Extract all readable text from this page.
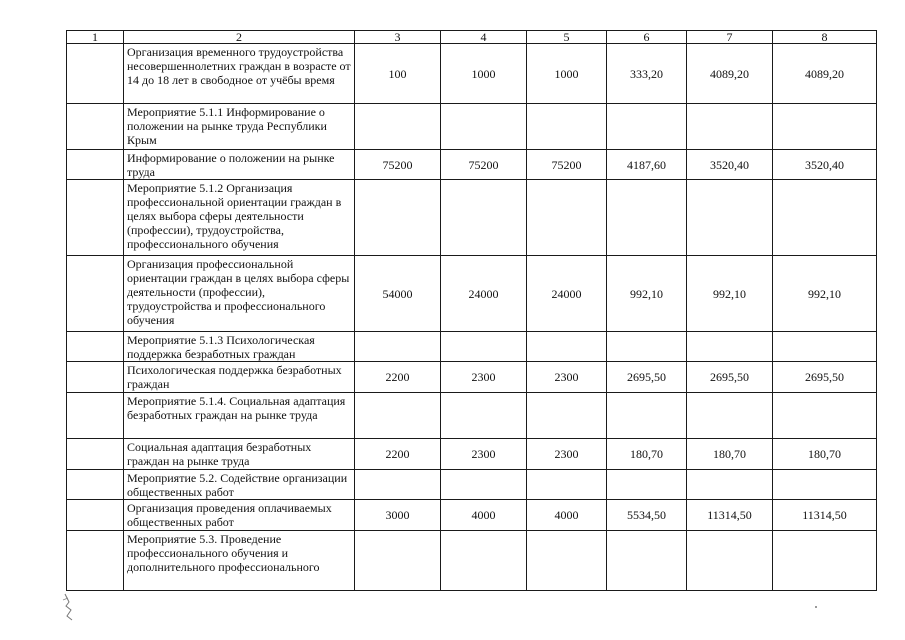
1	2	3	4	5	6	7	8
	Организация временного трудоустройства несовершеннолетних граждан в возрасте от 14 до 18 лет в свободное от учёбы время	100	1000	1000	333,20	4089,20	4089,20
	Мероприятие 5.1.1 Информирование о положении на рынке труда Республики Крым						
	Информирование о положении на рынке труда	75200	75200	75200	4187,60	3520,40	3520,40
	Мероприятие 5.1.2 Организация профессиональной ориентации граждан в целях выбора сферы деятельности (профессии), трудоустройства, профессионального обучения						
	Организация профессиональной ориентации граждан в целях выбора сферы деятельности (профессии), трудоустройства и профессионального обучения	54000	24000	24000	992,10	992,10	992,10
	Мероприятие 5.1.3 Психологическая поддержка безработных граждан						
	Психологическая поддержка безработных граждан	2200	2300	2300	2695,50	2695,50	2695,50
	Мероприятие 5.1.4. Социальная адаптация безработных граждан на рынке труда						
	Социальная адаптация безработных граждан на рынке труда	2200	2300	2300	180,70	180,70	180,70
	Мероприятие 5.2. Содействие организации общественных работ						
	Организация проведения оплачиваемых общественных работ	3000	4000	4000	5534,50	11314,50	11314,50
	Мероприятие 5.3. Проведение профессионального обучения и дополнительного профессионального						
